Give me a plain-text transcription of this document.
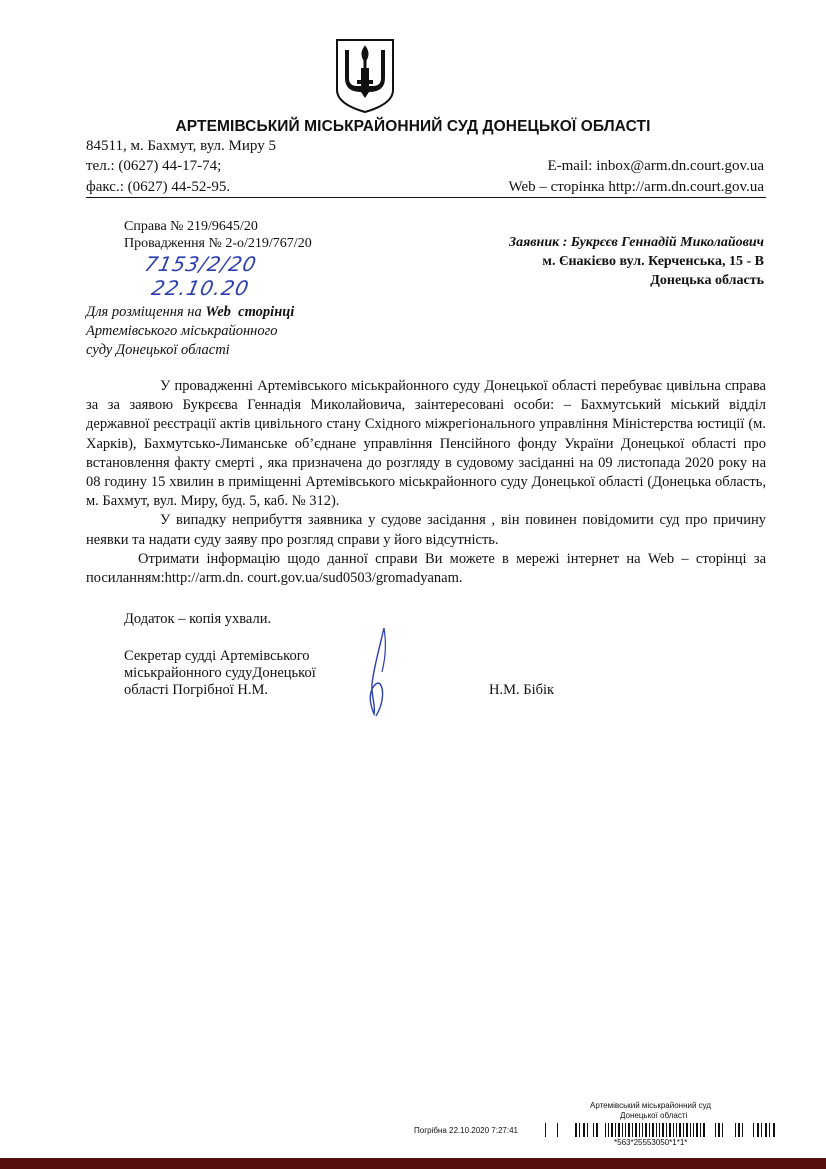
АРТЕМІВСЬКИЙ МІСЬКРАЙОННИЙ СУД ДОНЕЦЬКОЇ ОБЛАСТІ
84511, м. Бахмут, вул. Миру 5
тел.: (0627) 44-17-74;
факс.: (0627) 44-52-95.
E-mail: inbox@arm.dn.court.gov.ua
Web – сторінка http://arm.dn.court.gov.ua
Справа № 219/9645/20
Провадження № 2-о/219/767/20
7153/2/20
22.10.20
Заявник : Букрєєв Геннадій Миколайович
м. Єнакієво вул. Керченська, 15 - В
Донецька область
Для розміщення на Web сторінці
Артемівського міськрайонного
суду Донецької області

У провадженні Артемівського міськрайонного суду Донецької області перебуває цивільна справа за за заявою Букрєєва Геннадія Миколайовича, заінтересовані особи: – Бахмутський міський відділ державної реєстрації актів цивільного стану Східного міжрегіонального управління Міністерства юстиції (м. Харків), Бахмутсько-Лиманське об’єднане управління Пенсійного фонду України Донецької області про встановлення факту смерті , яка призначена до розгляду в судовому засіданні на 09 листопада 2020 року на 08 годину 15 хвилин в приміщенні Артемівського міськрайонного суду Донецької області (Донецька область, м. Бахмут, вул. Миру, буд. 5, каб. № 312).

У випадку неприбуття заявника у судове засідання , він повинен повідомити суд про причину неявки та надати суду заяву про розгляд справи у його відсутність.

Отримати інформацію щодо данної справи Ви можете в мережі інтернет на Web – сторінці за посиланням:http://arm.dn. court.gov.ua/sud0503/gromadyanam.

Додаток – копія ухвали.
Секретар судді Артемівського
міськрайонного судуДонецької
області Погрібної Н.М.	Н.М. Бібік
Артемівський міськрайонний суд
Донецької області
Погрібна 22.10.2020 7:27:41
*563*25553050*1*1*
